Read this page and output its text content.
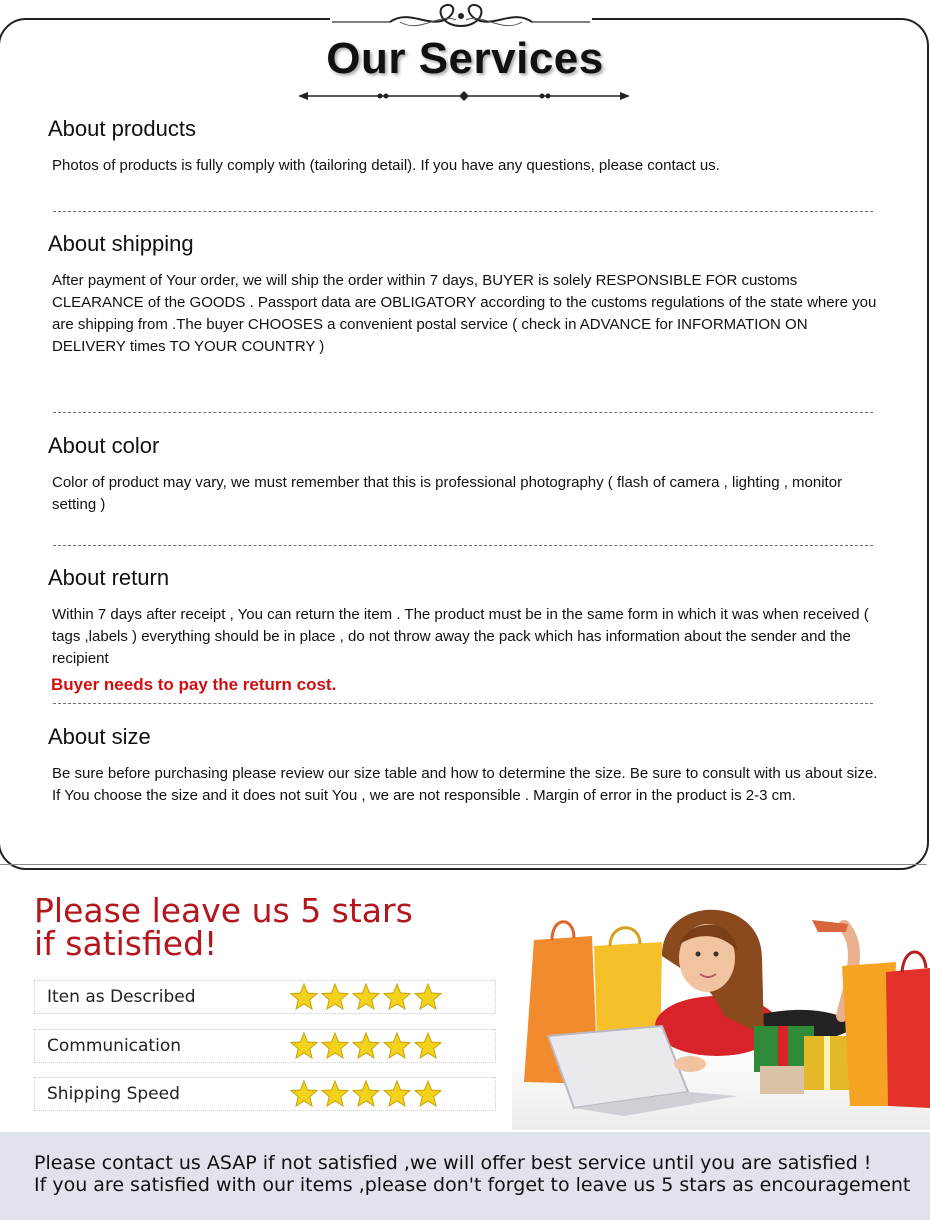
Our Services
About products

Photos of products is fully comply with (tailoring detail). If you have any questions, please contact us.

About shipping

After payment of Your order, we will ship the order within 7 days, BUYER is solely RESPONSIBLE FOR customs CLEARANCE of the GOODS . Passport data are OBLIGATORY according to the customs regulations of the state where you are shipping from .The buyer CHOOSES a convenient postal service ( check in ADVANCE for INFORMATION ON DELIVERY times TO YOUR COUNTRY )

About color

Color of product may vary, we must remember that this is professional photography ( flash of camera , lighting , monitor setting )

About return

Within 7 days after receipt , You can return the item . The product must be in the same form in which it was when received ( tags ,labels ) everything should be in place , do not throw away the pack which has information about the sender and the recipient

Buyer needs to pay the return cost.

About size

Be sure before purchasing please review our size table and how to determine the size. Be sure to consult with us about size. If You choose the size and it does not suit You , we are not responsible . Margin of error in the product is 2-3 cm.

Please leave us 5 stars
if satisfied!
Iten as Described
Communication
Shipping Speed

Please contact us ASAP if not satisfied ,we will offer best service until you are satisfied !

If you are satisfied with our items ,please don't forget to leave us 5 stars as encouragement
